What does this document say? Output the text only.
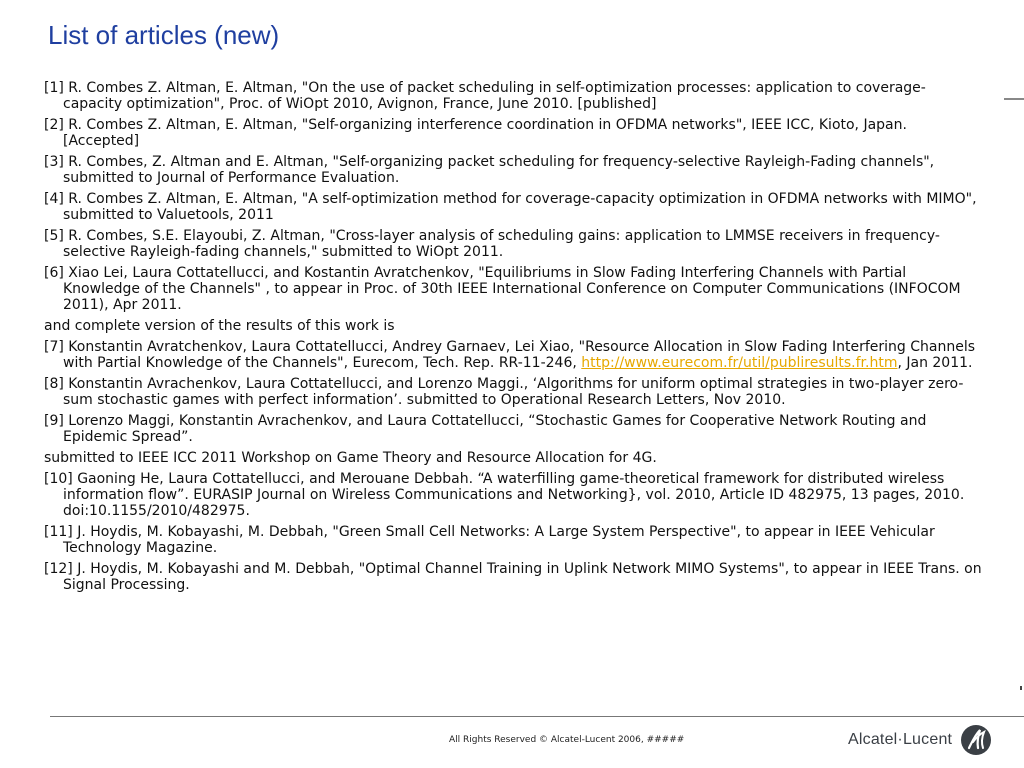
List of articles (new)

[1] R. Combes Z. Altman, E. Altman, "On the use of packet scheduling in self-optimization processes: application to coverage-capacity optimization", Proc. of WiOpt 2010, Avignon, France, June 2010. [published]

[2] R. Combes Z. Altman, E. Altman, "Self-organizing interference coordination in OFDMA networks", IEEE ICC, Kioto, Japan. [Accepted]

[3] R. Combes, Z. Altman and E. Altman, "Self-organizing packet scheduling for frequency-selective Rayleigh-Fading channels", submitted to Journal of Performance Evaluation.

[4] R. Combes Z. Altman, E. Altman, "A self-optimization method for coverage-capacity optimization in OFDMA networks with MIMO", submitted to Valuetools, 2011

[5] R. Combes, S.E. Elayoubi, Z. Altman, "Cross-layer analysis of scheduling gains: application to LMMSE receivers in frequency-selective Rayleigh-fading channels," submitted to WiOpt 2011.

[6] Xiao Lei, Laura Cottatellucci, and Kostantin Avratchenkov, "Equilibriums in Slow Fading Interfering Channels with Partial Knowledge of the Channels" , to appear in Proc. of 30th IEEE International Conference on Computer Communications (INFOCOM 2011), Apr 2011.

and complete version of the results of this work is

[7] Konstantin Avratchenkov, Laura Cottatellucci, Andrey Garnaev, Lei Xiao, "Resource Allocation in Slow Fading Interfering Channels with Partial Knowledge of the Channels", Eurecom, Tech. Rep. RR-11-246, http://www.eurecom.fr/util/publiresults.fr.htm, Jan 2011.

[8] Konstantin Avrachenkov, Laura Cottatellucci, and Lorenzo Maggi., ‘Algorithms for uniform optimal strategies in two-player zero-sum stochastic games with perfect information’. submitted to Operational Research Letters, Nov 2010.

[9] Lorenzo Maggi, Konstantin Avrachenkov, and Laura Cottatellucci, “Stochastic Games for Cooperative Network Routing and Epidemic Spread”.

submitted to IEEE ICC 2011 Workshop on Game Theory and Resource Allocation for 4G.

[10] Gaoning He, Laura Cottatellucci, and Merouane Debbah. “A waterfilling game-theoretical framework for distributed wireless information flow”. EURASIP Journal on Wireless Communications and Networking}, vol. 2010, Article ID 482975, 13 pages, 2010. doi:10.1155/2010/482975.

[11] J. Hoydis, M. Kobayashi, M. Debbah, "Green Small Cell Networks: A Large System Perspective", to appear in IEEE Vehicular Technology Magazine.

[12] J. Hoydis, M. Kobayashi and M. Debbah, "Optimal Channel Training in Uplink Network MIMO Systems", to appear in IEEE Trans. on Signal Processing.

All Rights Reserved © Alcatel-Lucent 2006, #####	Alcatel·Lucent
